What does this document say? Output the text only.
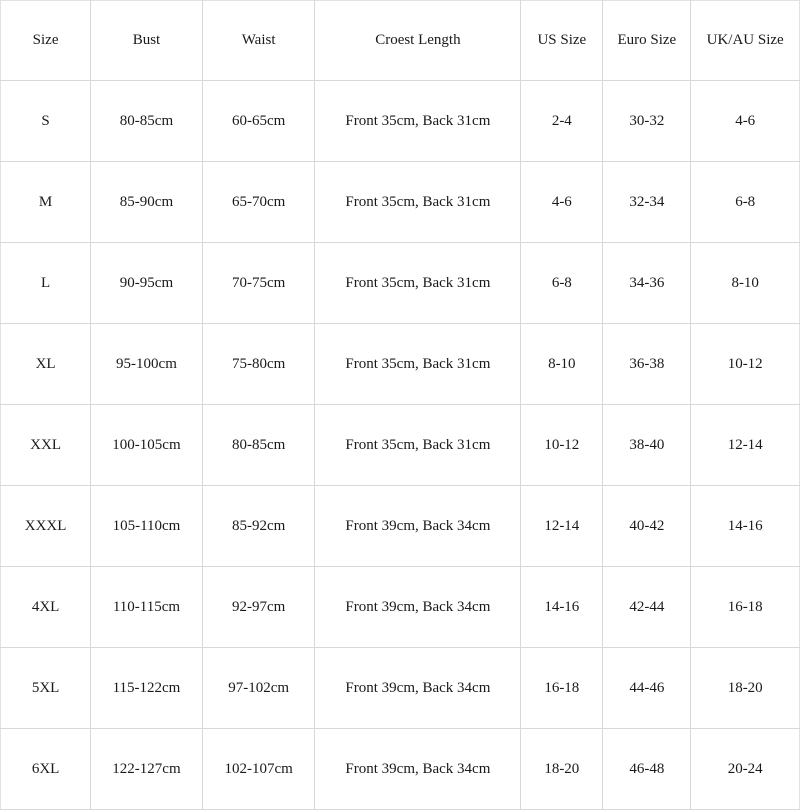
Size	Bust	Waist	Croest Length	US Size	Euro Size	UK/AU Size
S	80-85cm	60-65cm	Front 35cm, Back 31cm	2-4	30-32	4-6
M	85-90cm	65-70cm	Front 35cm, Back 31cm	4-6	32-34	6-8
L	90-95cm	70-75cm	Front 35cm, Back 31cm	6-8	34-36	8-10
XL	95-100cm	75-80cm	Front 35cm, Back 31cm	8-10	36-38	10-12
XXL	100-105cm	80-85cm	Front 35cm, Back 31cm	10-12	38-40	12-14
XXXL	105-110cm	85-92cm	Front 39cm, Back 34cm	12-14	40-42	14-16
4XL	110-115cm	92-97cm	Front 39cm, Back 34cm	14-16	42-44	16-18
5XL	115-122cm	97-102cm	Front 39cm, Back 34cm	16-18	44-46	18-20
6XL	122-127cm	102-107cm	Front 39cm, Back 34cm	18-20	46-48	20-24
